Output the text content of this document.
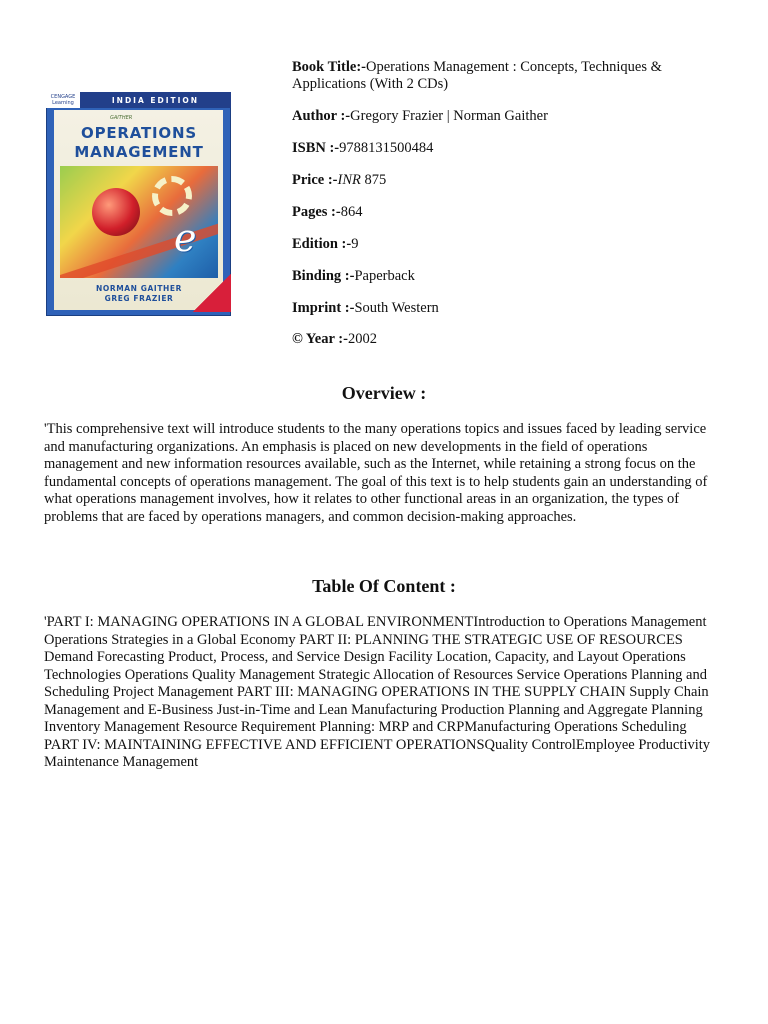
CENGAGE Learning	INDIA EDITION
GAITHER
OPERATIONS
MANAGEMENT
e
NORMAN GAITHER
GREG FRAZIER
Book Title:-Operations Management : Concepts, Techniques & Applications (With 2 CDs)
Author :-Gregory Frazier | Norman Gaither
ISBN :-9788131500484
Price :-INR 875
Pages :-864
Edition :-9
Binding :-Paperback
Imprint :-South Western
© Year :-2002
Overview :

'This comprehensive text will introduce students to the many operations topics and issues faced by leading service and manufacturing organizations. An emphasis is placed on new developments in the field of operations management and new information resources available, such as the Internet, while retaining a strong focus on the fundamental concepts of operations management. The goal of this text is to help students gain an understanding of what operations management involves, how it relates to other functional areas in an organization, the types of problems that are faced by operations managers, and common decision-making approaches.

Table Of Content :

'PART I: MANAGING OPERATIONS IN A GLOBAL ENVIRONMENTIntroduction to Operations Management Operations Strategies in a Global Economy PART II: PLANNING THE STRATEGIC USE OF RESOURCES Demand Forecasting Product, Process, and Service Design Facility Location, Capacity, and Layout Operations Technologies Operations Quality Management Strategic Allocation of Resources Service Operations Planning and Scheduling Project Management PART III: MANAGING OPERATIONS IN THE SUPPLY CHAIN Supply Chain Management and E-Business Just-in-Time and Lean Manufacturing Production Planning and Aggregate Planning Inventory Management Resource Requirement Planning: MRP and CRPManufacturing Operations Scheduling PART IV: MAINTAINING EFFECTIVE AND EFFICIENT OPERATIONSQuality ControlEmployee Productivity Maintenance Management
